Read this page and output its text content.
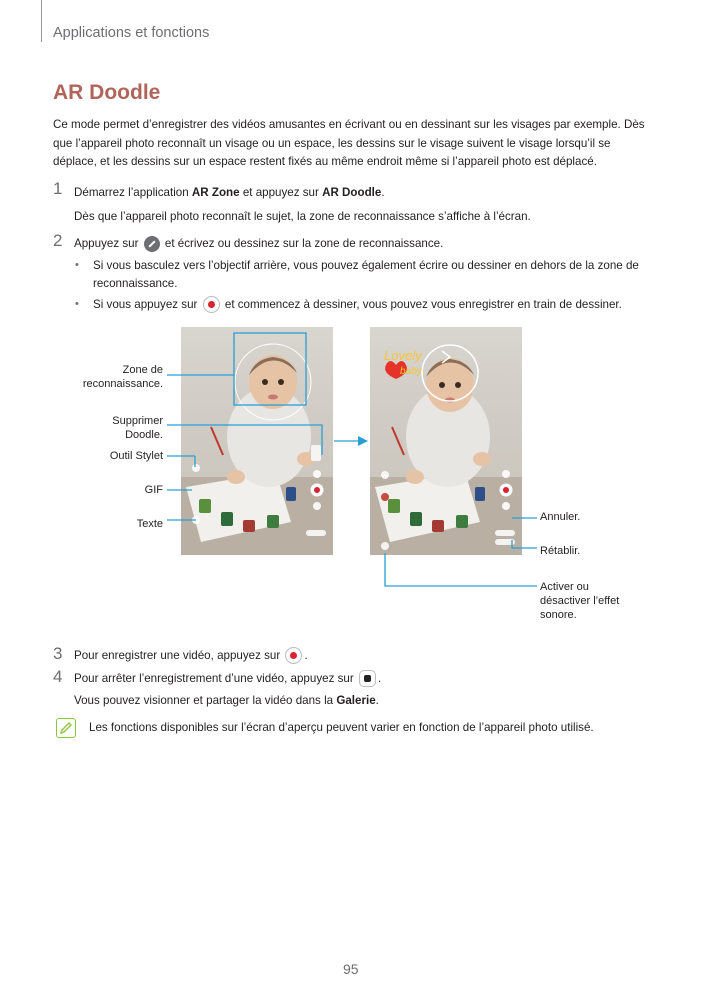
Applications et fonctions
AR Doodle
Ce mode permet d’enregistrer des vidéos amusantes en écrivant ou en dessinant sur les visages par exemple. Dès que l’appareil photo reconnaît un visage ou un espace, les dessins sur le visage suivent le visage lorsqu’il se déplace, et les dessins sur un espace restent fixés au même endroit même si l’appareil photo est déplacé.
1 Démarrez l’application AR Zone et appuyez sur AR Doodle.
Dès que l’appareil photo reconnaît le sujet, la zone de reconnaissance s’affiche à l’écran.
2 Appuyez sur et écrivez ou dessinez sur la zone de reconnaissance.
• Si vous basculez vers l’objectif arrière, vous pouvez également écrire ou dessiner en dehors de la zone de reconnaissance.
• Si vous appuyez sur et commencez à dessiner, vous pouvez vous enregistrer en train de dessiner.
Lovely
baby
Zone de reconnaissance.
Supprimer Doodle.
Outil Stylet
GIF
Texte
Annuler.
Rétablir.
Activer ou désactiver l’effet sonore.
3 Pour enregistrer une vidéo, appuyez sur .
4 Pour arrêter l’enregistrement d’une vidéo, appuyez sur .
Vous pouvez visionner et partager la vidéo dans la Galerie.
Les fonctions disponibles sur l’écran d’aperçu peuvent varier en fonction de l’appareil photo utilisé.
95
